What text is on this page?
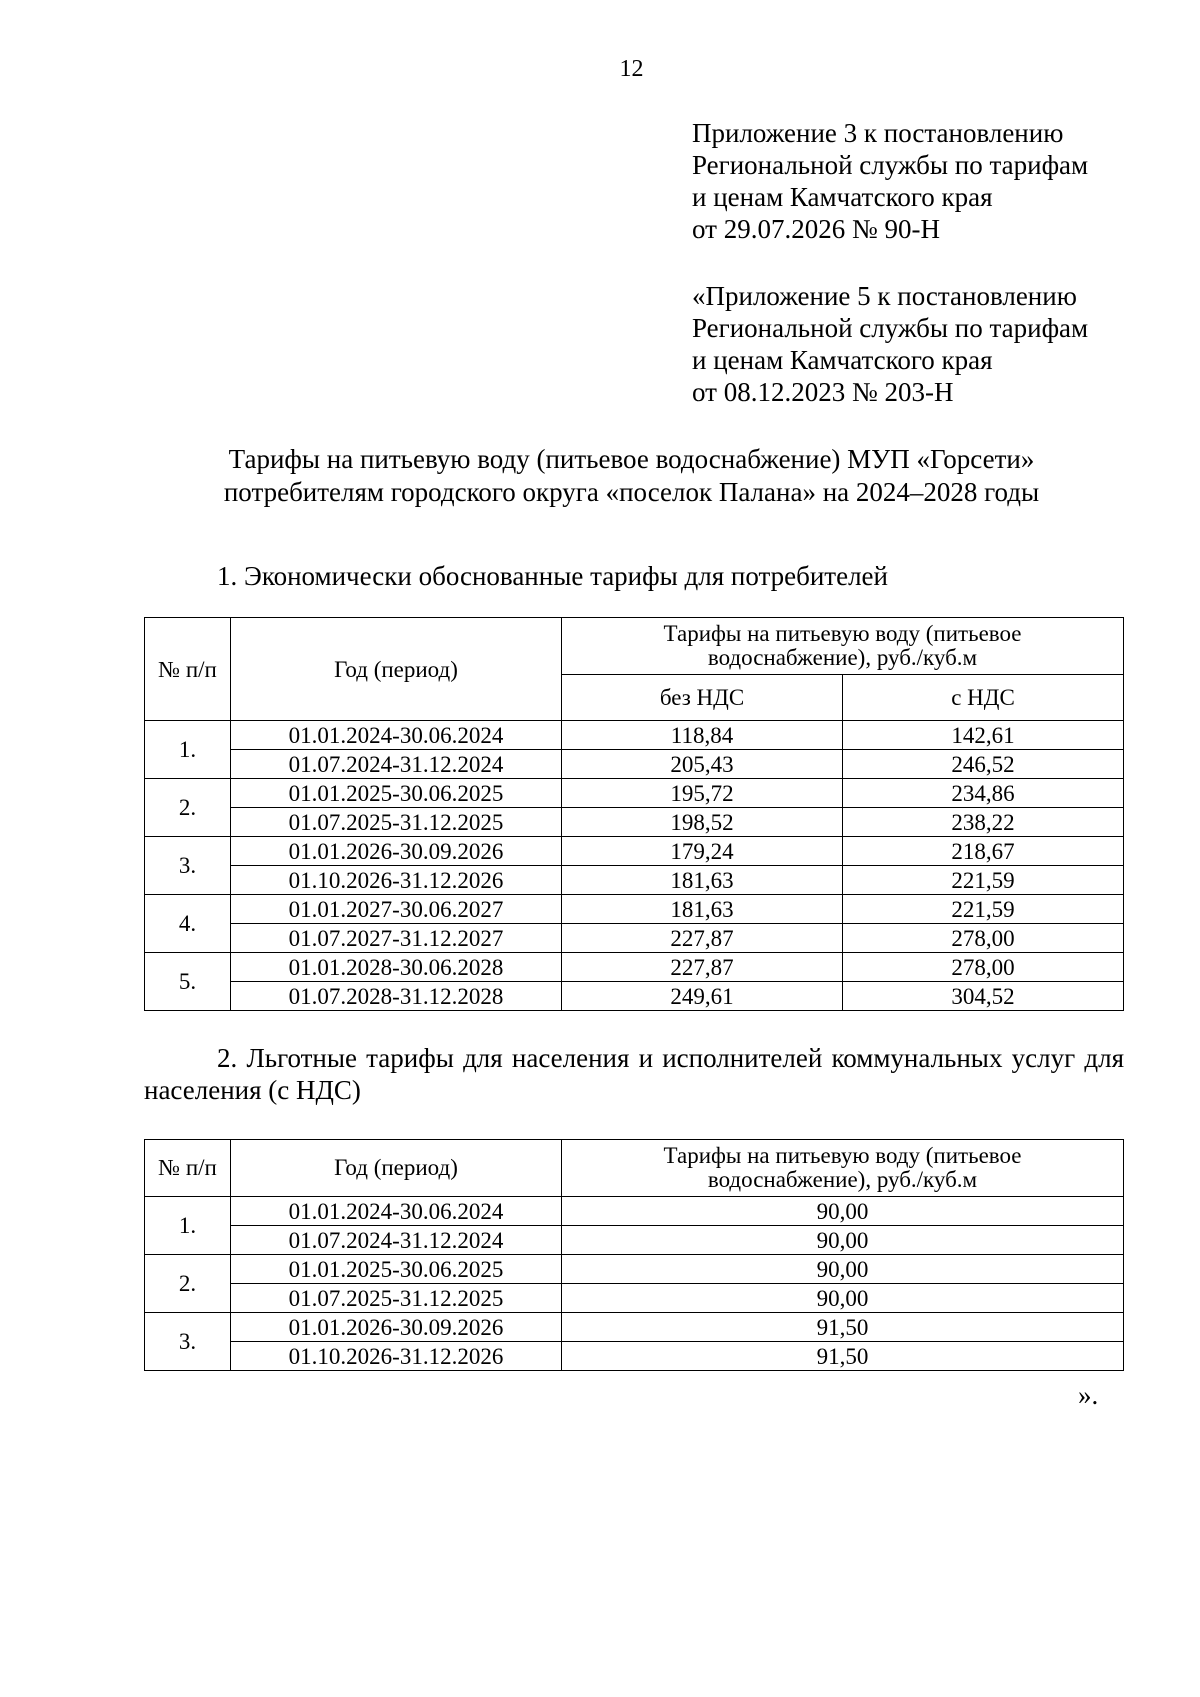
12
Приложение 3 к постановлению
Региональной службы по тарифам
и ценам Камчатского края
от 29.07.2026 № 90-Н
«Приложение 5 к постановлению
Региональной службы по тарифам
и ценам Камчатского края
от 08.12.2023 № 203-Н
Тарифы на питьевую воду (питьевое водоснабжение) МУП «Горсети»
потребителям городского округа «поселок Палана» на 2024–2028 годы
1. Экономически обоснованные тарифы для потребителей
№ п/п	Год (период)	Тарифы на питьевую воду (питьевое
водоснабжение), руб./куб.м	

		без НДС	с НДС
1.	01.01.2024-30.06.2024	118,84	142,61
	01.07.2024-31.12.2024	205,43	246,52
2.	01.01.2025-30.06.2025	195,72	234,86
	01.07.2025-31.12.2025	198,52	238,22
3.	01.01.2026-30.09.2026	179,24	218,67
	01.10.2026-31.12.2026	181,63	221,59
4.	01.01.2027-30.06.2027	181,63	221,59
	01.07.2027-31.12.2027	227,87	278,00
5.	01.01.2028-30.06.2028	227,87	278,00
	01.07.2028-31.12.2028	249,61	304,52
2. Льготные тарифы для населения и исполнителей коммунальных услуг для населения (с НДС)
№ п/п	Год (период)	Тарифы на питьевую воду (питьевое
водоснабжение), руб./куб.м

1.	01.01.2024-30.06.2024	90,00
	01.07.2024-31.12.2024	90,00
2.	01.01.2025-30.06.2025	90,00
	01.07.2025-31.12.2025	90,00
3.	01.01.2026-30.09.2026	91,50
	01.10.2026-31.12.2026	91,50
».
